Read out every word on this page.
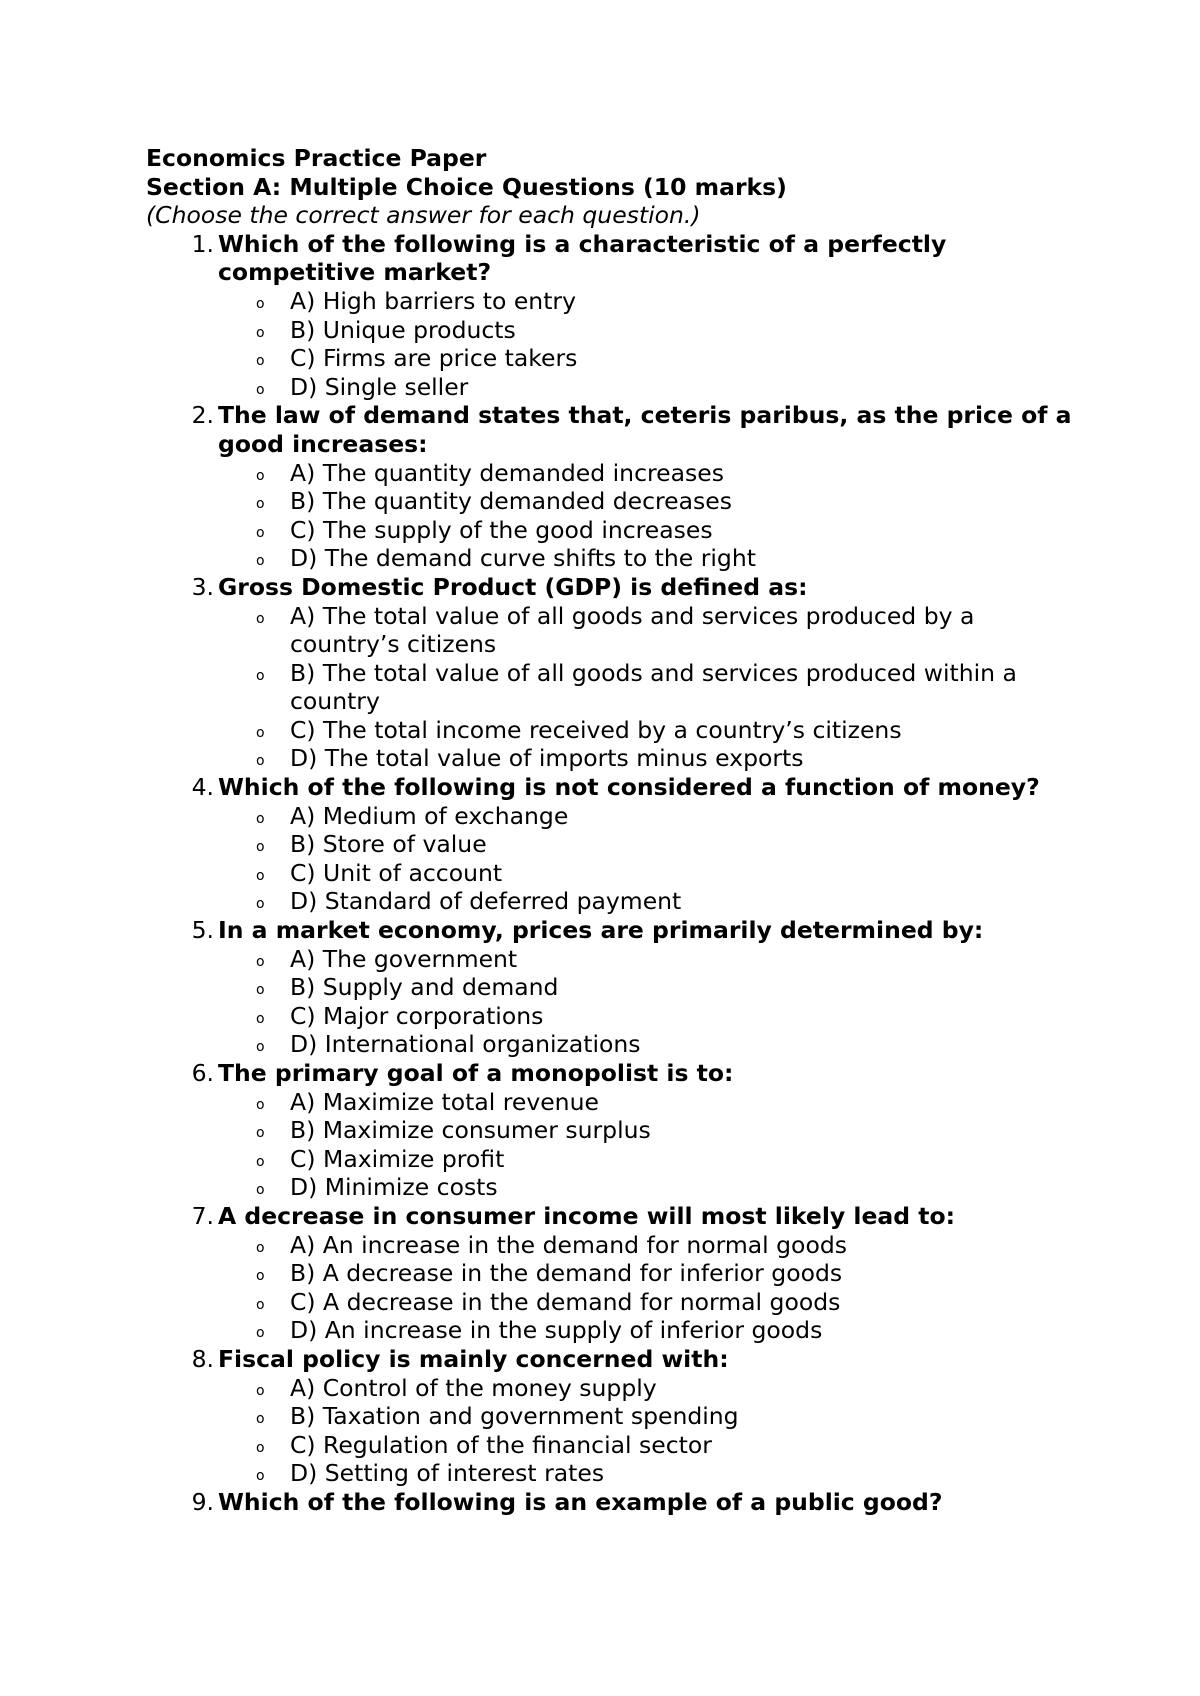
Economics Practice Paper
Section A: Multiple Choice Questions (10 marks)
(Choose the correct answer for each question.)
1. Which of the following is a characteristic of a perfectly competitive market?
o A) High barriers to entry
o B) Unique products
o C) Firms are price takers
o D) Single seller
2. The law of demand states that, ceteris paribus, as the price of a good increases:
o A) The quantity demanded increases
o B) The quantity demanded decreases
o C) The supply of the good increases
o D) The demand curve shifts to the right
3. Gross Domestic Product (GDP) is defined as:
o A) The total value of all goods and services produced by a country’s citizens
o B) The total value of all goods and services produced within a country
o C) The total income received by a country’s citizens
o D) The total value of imports minus exports
4. Which of the following is not considered a function of money?
o A) Medium of exchange
o B) Store of value
o C) Unit of account
o D) Standard of deferred payment
5. In a market economy, prices are primarily determined by:
o A) The government
o B) Supply and demand
o C) Major corporations
o D) International organizations
6. The primary goal of a monopolist is to:
o A) Maximize total revenue
o B) Maximize consumer surplus
o C) Maximize profit
o D) Minimize costs
7. A decrease in consumer income will most likely lead to:
o A) An increase in the demand for normal goods
o B) A decrease in the demand for inferior goods
o C) A decrease in the demand for normal goods
o D) An increase in the supply of inferior goods
8. Fiscal policy is mainly concerned with:
o A) Control of the money supply
o B) Taxation and government spending
o C) Regulation of the financial sector
o D) Setting of interest rates
9. Which of the following is an example of a public good?
